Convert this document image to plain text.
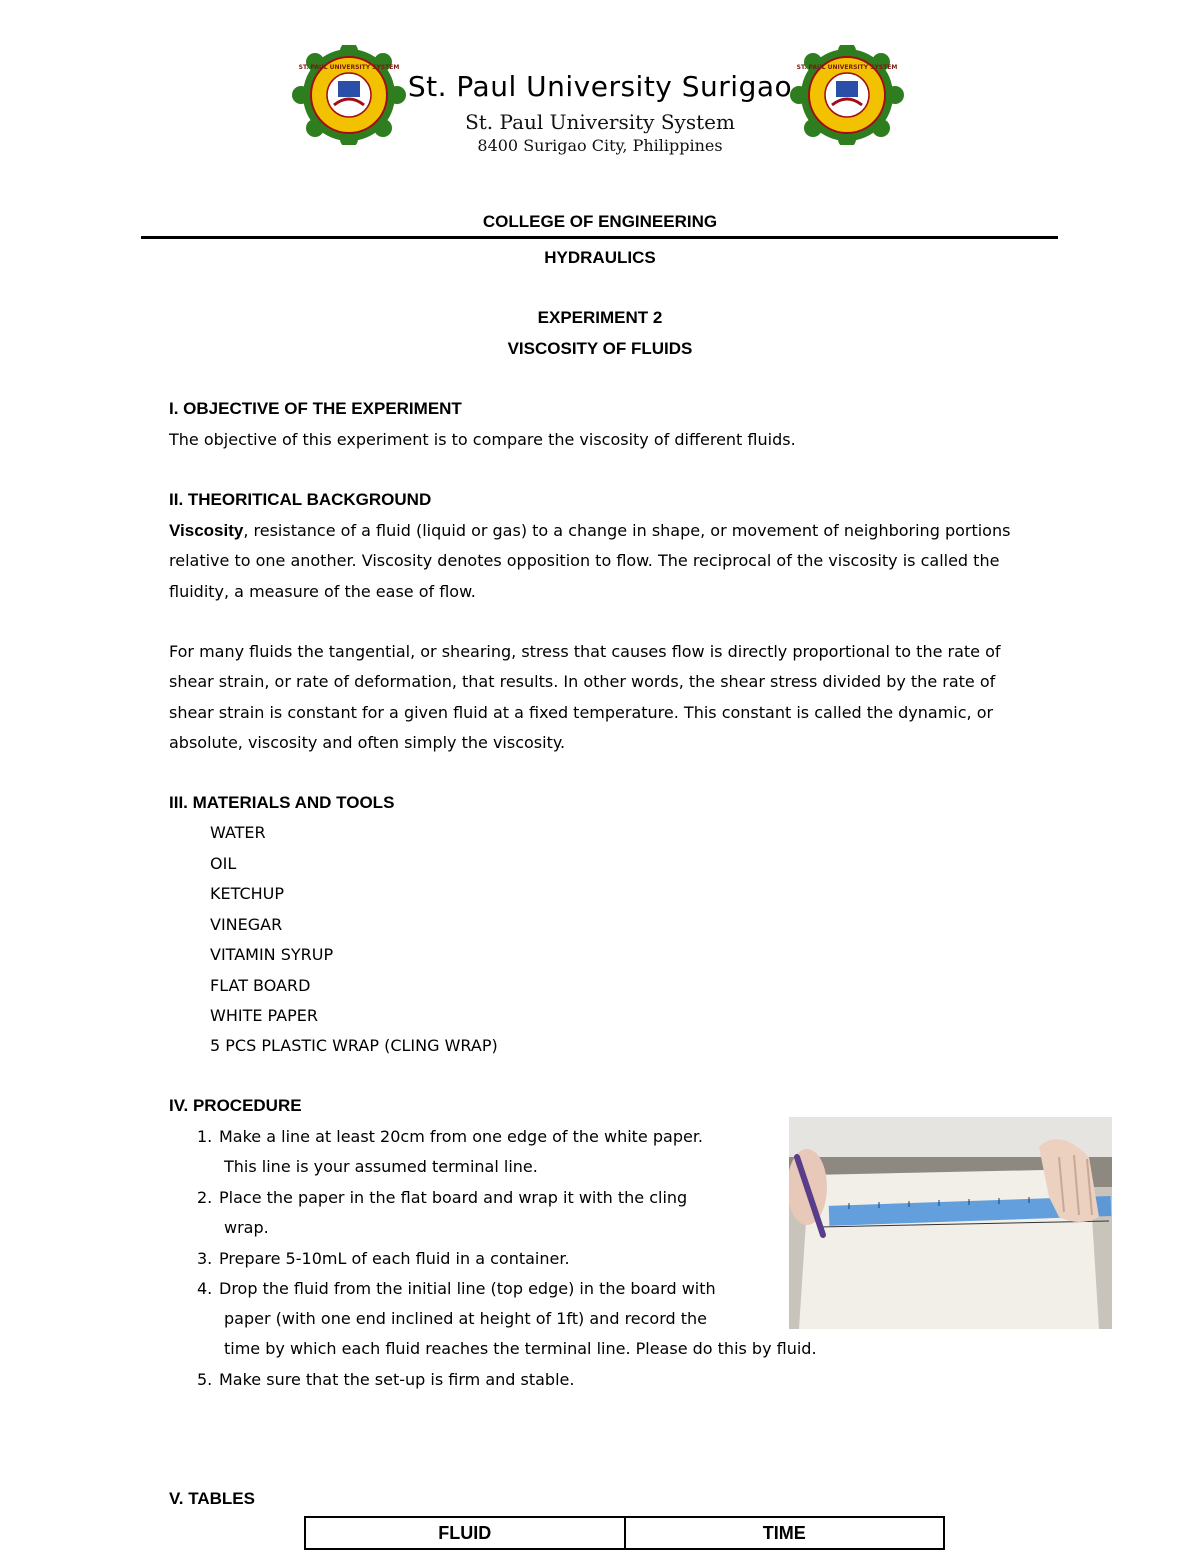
ST. PAUL UNIVERSITY SYSTEM	ST. PAUL UNIVERSITY SYSTEM
St. Paul University Surigao
St. Paul University System
8400 Surigao City, Philippines
COLLEGE OF ENGINEERING
HYDRAULICS
EXPERIMENT 2
VISCOSITY OF FLUIDS
I. OBJECTIVE OF THE EXPERIMENT
The objective of this experiment is to compare the viscosity of different fluids.
II. THEORITICAL BACKGROUND
Viscosity, resistance of a fluid (liquid or gas) to a change in shape, or movement of neighboring portions relative to one another. Viscosity denotes opposition to flow. The reciprocal of the viscosity is called the fluidity, a measure of the ease of flow.
For many fluids the tangential, or shearing, stress that causes flow is directly proportional to the rate of shear strain, or rate of deformation, that results. In other words, the shear stress divided by the rate of shear strain is constant for a given fluid at a fixed temperature. This constant is called the dynamic, or absolute, viscosity and often simply the viscosity.
III. MATERIALS AND TOOLS
WATER
OIL
KETCHUP
VINEGAR
VITAMIN SYRUP
FLAT BOARD
WHITE PAPER
5 PCS PLASTIC WRAP (CLING WRAP)
IV. PROCEDURE
1. Make a line at least 20cm from one edge of the white paper.
This line is your assumed terminal line.
2. Place the paper in the flat board and wrap it with the cling
wrap.
3. Prepare 5-10mL of each fluid in a container.
4. Drop the fluid from the initial line (top edge) in the board with
paper (with one end inclined at height of 1ft) and record the
time by which each fluid reaches the terminal line. Please do this by fluid.
5. Make sure that the set-up is firm and stable.
V. TABLES
FLUID	TIME
